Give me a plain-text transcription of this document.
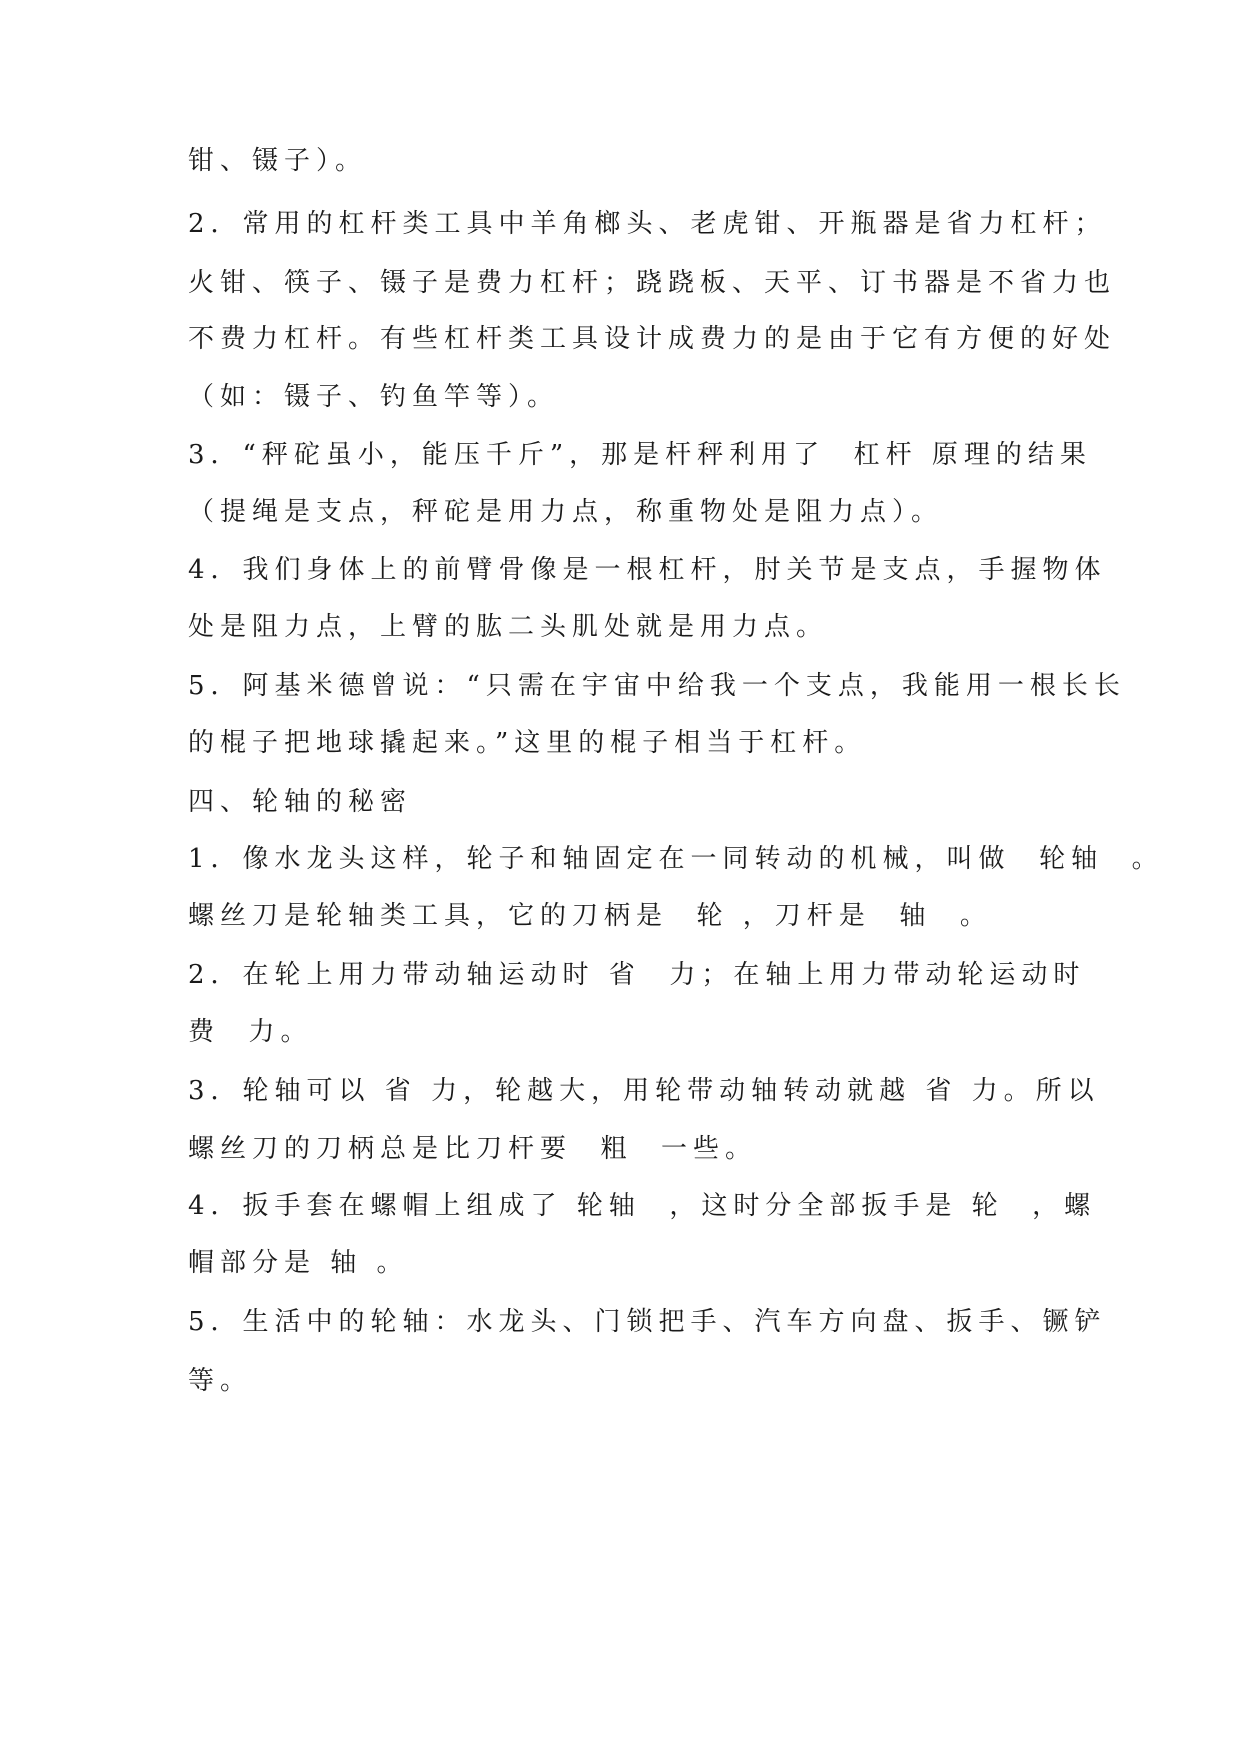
钳、镊子）。
2．常用的杠杆类工具中羊角榔头、老虎钳、开瓶器是省力杠杆；
火钳、筷子、镊子是费力杠杆；跷跷板、天平、订书器是不省力也
不费力杠杆。有些杠杆类工具设计成费力的是由于它有方便的好处
（如：镊子、钓鱼竿等）。
3．“秤砣虽小，能压千斤”，那是杆秤利用了  杠杆 原理的结果
（提绳是支点，秤砣是用力点，称重物处是阻力点）。
4．我们身体上的前臂骨像是一根杠杆，肘关节是支点，手握物体
处是阻力点，上臂的肱二头肌处就是用力点。
5．阿基米德曾说：“只需在宇宙中给我一个支点，我能用一根长长
的棍子把地球撬起来。”这里的棍子相当于杠杆。
四、轮轴的秘密
1．像水龙头这样，轮子和轴固定在一同转动的机械，叫做  轮轴  。
螺丝刀是轮轴类工具，它的刀柄是  轮 ，刀杆是  轴  。
2．在轮上用力带动轴运动时 省  力；在轴上用力带动轮运动时
费  力。
3．轮轴可以 省 力，轮越大，用轮带动轴转动就越 省 力。所以
螺丝刀的刀柄总是比刀杆要  粗  一些。
4．扳手套在螺帽上组成了 轮轴  ，这时分全部扳手是 轮  ，螺
帽部分是 轴 。
5．生活中的轮轴：水龙头、门锁把手、汽车方向盘、扳手、镢铲
等。
